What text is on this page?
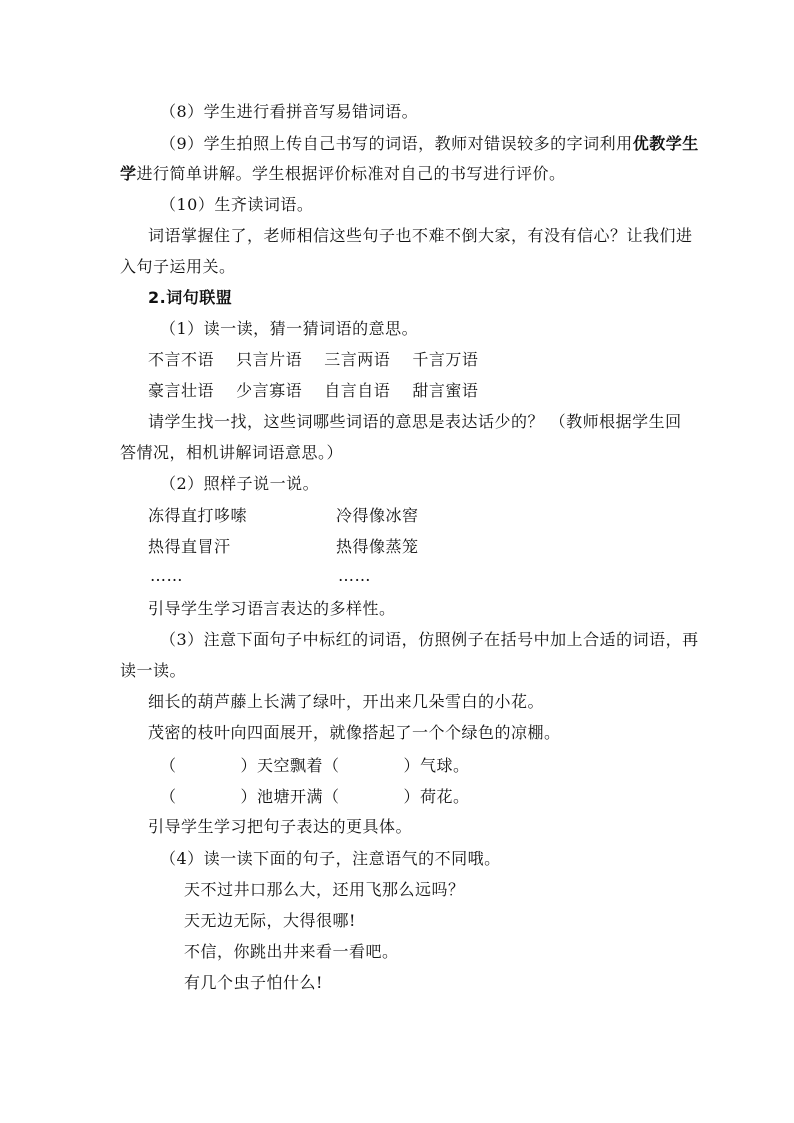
（8）学生进行看拼音写易错词语。
（9）学生拍照上传自己书写的词语，教师对错误较多的字词利用优教学生
学进行简单讲解。学生根据评价标准对自己的书写进行评价。
（10）生齐读词语。
词语掌握住了，老师相信这些句子也不难不倒大家，有没有信心？让我们进
入句子运用关。
2.词句联盟
（1）读一读，猜一猜词语的意思。
不言不语　 只言片语　 三言两语　 千言万语
豪言壮语　 少言寡语　 自言自语　 甜言蜜语
请学生找一找，这些词哪些词语的意思是表达话少的？ （教师根据学生回
答情况，相机讲解词语意思。）
（2）照样子说一说。
冻得直打哆嗦	冷得像冰窖
热得直冒汗	热得像蒸笼
……	……
引导学生学习语言表达的多样性。
（3）注意下面句子中标红的词语，仿照例子在括号中加上合适的词语，再
读一读。
细长的葫芦藤上长满了绿叶，开出来几朵雪白的小花。
茂密的枝叶向四面展开，就像搭起了一个个绿色的凉棚。
（	）天空飘着（	）气球。
（	）池塘开满（	）荷花。
引导学生学习把句子表达的更具体。
（4）读一读下面的句子，注意语气的不同哦。
天不过井口那么大，还用飞那么远吗？
天无边无际，大得很哪!
不信，你跳出井来看一看吧。
有几个虫子怕什么!
